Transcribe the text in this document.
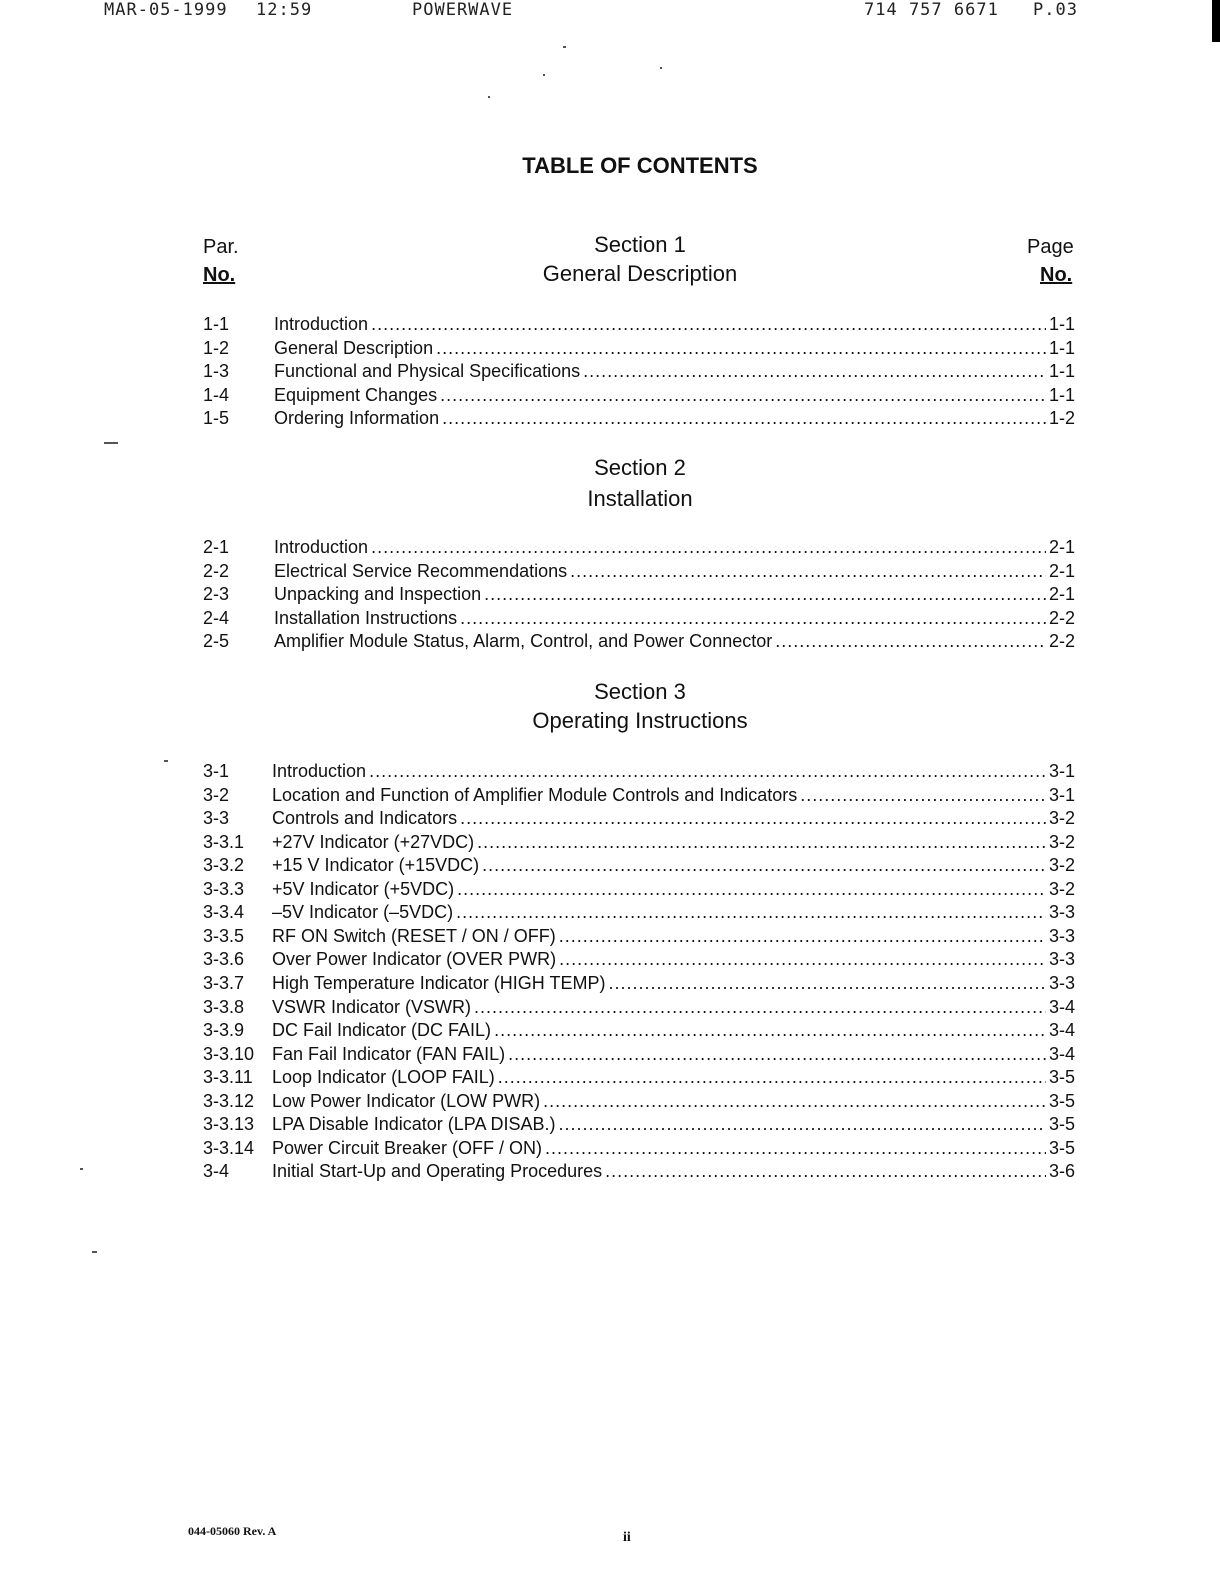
MAR-05-1999 12:59	POWERWAVE	714 757 6671 P.03
TABLE OF CONTENTS
Par.
No.
Page
No.
Section 1
General Description
Section 2
Installation
Section 3
Operating Instructions
1-1	Introduction .....	1-1
1-2	General Description .....	1-1
1-3	Functional and Physical Specifications .....	1-1
1-4	Equipment Changes .....	1-1
1-5	Ordering Information .....	1-2
2-1	Introduction .....	2-1
2-2	Electrical Service Recommendations .....	2-1
2-3	Unpacking and Inspection .....	2-1
2-4	Installation Instructions .....	2-2
2-5	Amplifier Module Status, Alarm, Control, and Power Connector .....	2-2
3-1	Introduction .....	3-1
3-2	Location and Function of Amplifier Module Controls and Indicators .....	3-1
3-3	Controls and Indicators .....	3-2
3-3.1	+27V Indicator (+27VDC) .....	3-2
3-3.2	+15 V Indicator (+15VDC) .....	3-2
3-3.3	+5V Indicator (+5VDC) .....	3-2
3-3.4	–5V Indicator (–5VDC) .....	3-3
3-3.5	RF ON Switch (RESET / ON / OFF) .....	3-3
3-3.6	Over Power Indicator (OVER PWR) .....	3-3
3-3.7	High Temperature Indicator (HIGH TEMP) .....	3-3
3-3.8	VSWR Indicator (VSWR) .....	3-4
3-3.9	DC Fail Indicator (DC FAIL) .....	3-4
3-3.10 Fan Fail Indicator (FAN FAIL) .....	3-4
3-3.11	Loop Indicator (LOOP FAIL) .....	3-5
3-3.12 Low Power Indicator (LOW PWR) .....	3-5
3-3.13 LPA Disable Indicator (LPA DISAB.) .....	3-5
3-3.14 Power Circuit Breaker (OFF / ON) .....	3-5
3-4	Initial Start-Up and Operating Procedures .....	3-6
044-05060 Rev. A	ii
